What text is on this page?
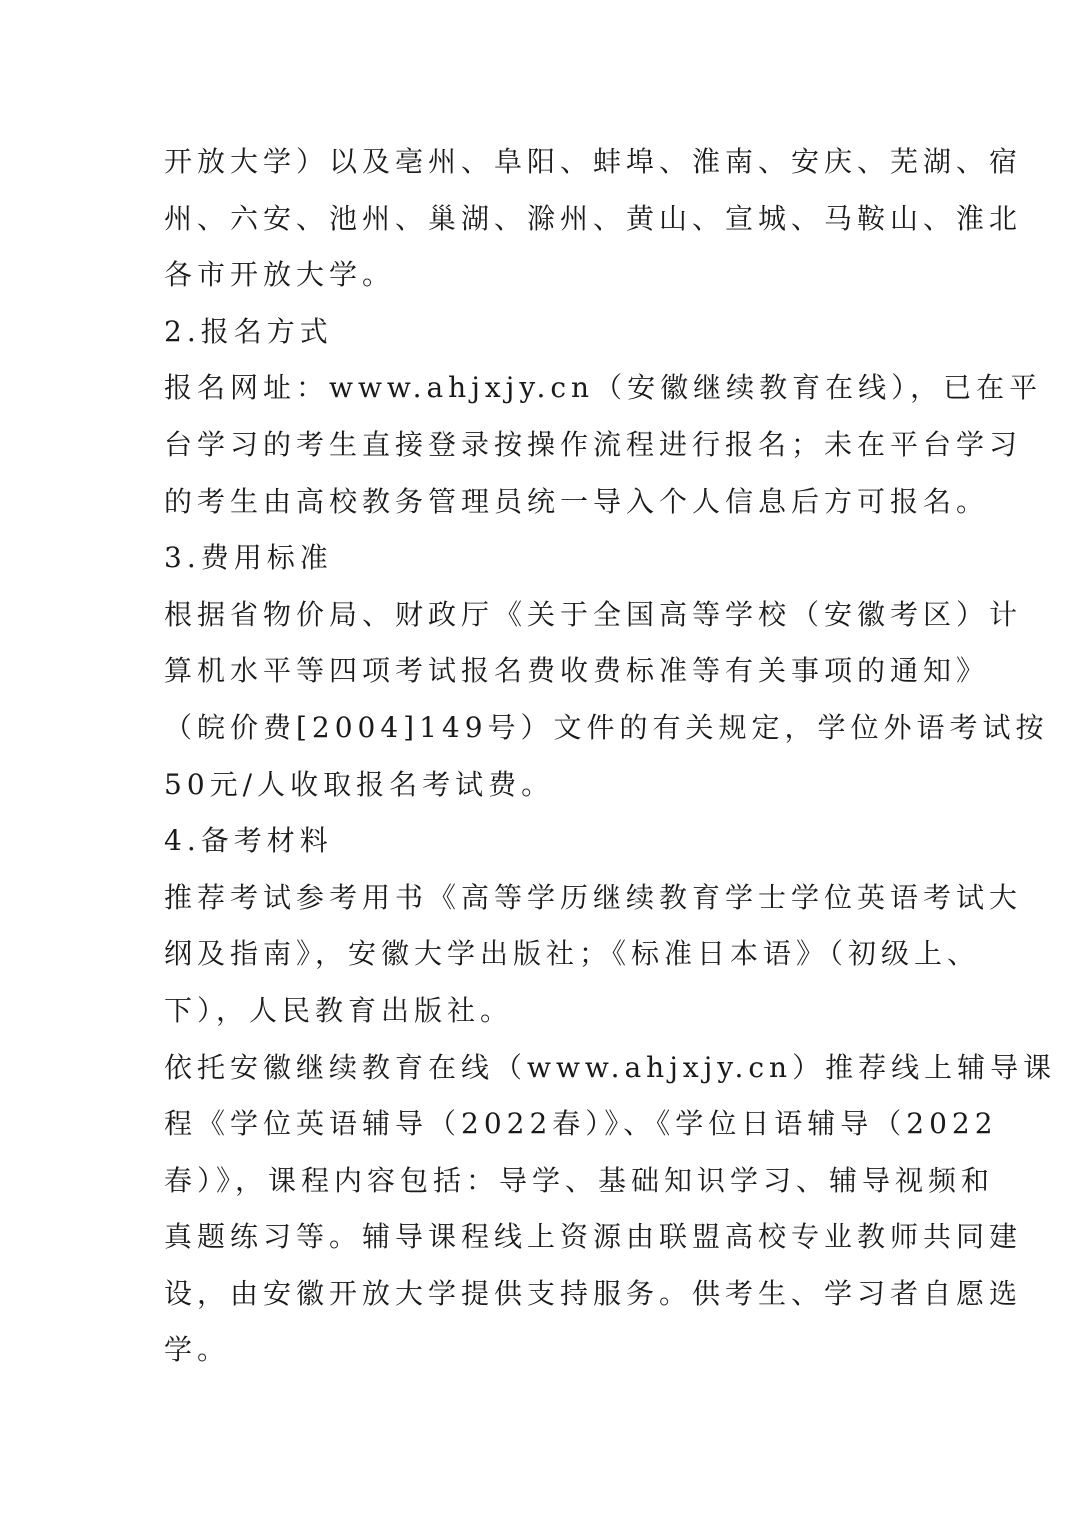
开放大学）以及亳州、阜阳、蚌埠、淮南、安庆、芜湖、宿
州、六安、池州、巢湖、滁州、黄山、宣城、马鞍山、淮北
各市开放大学。
2.报名方式
报名网址：www.ahjxjy.cn（安徽继续教育在线），已在平
台学习的考生直接登录按操作流程进行报名；未在平台学习
的考生由高校教务管理员统一导入个人信息后方可报名。
3.费用标准
根据省物价局、财政厅《关于全国高等学校（安徽考区）计
算机水平等四项考试报名费收费标准等有关事项的通知》
（皖价费[2004]149号）文件的有关规定，学位外语考试按
50元/人收取报名考试费。
4.备考材料
推荐考试参考用书《高等学历继续教育学士学位英语考试大
纲及指南》，安徽大学出版社；《标准日本语》（初级上、
下），人民教育出版社。
依托安徽继续教育在线（www.ahjxjy.cn）推荐线上辅导课
程《学位英语辅导（2022春）》、《学位日语辅导（2022
春）》，课程内容包括：导学、基础知识学习、辅导视频和
真题练习等。辅导课程线上资源由联盟高校专业教师共同建
设，由安徽开放大学提供支持服务。供考生、学习者自愿选
学。
